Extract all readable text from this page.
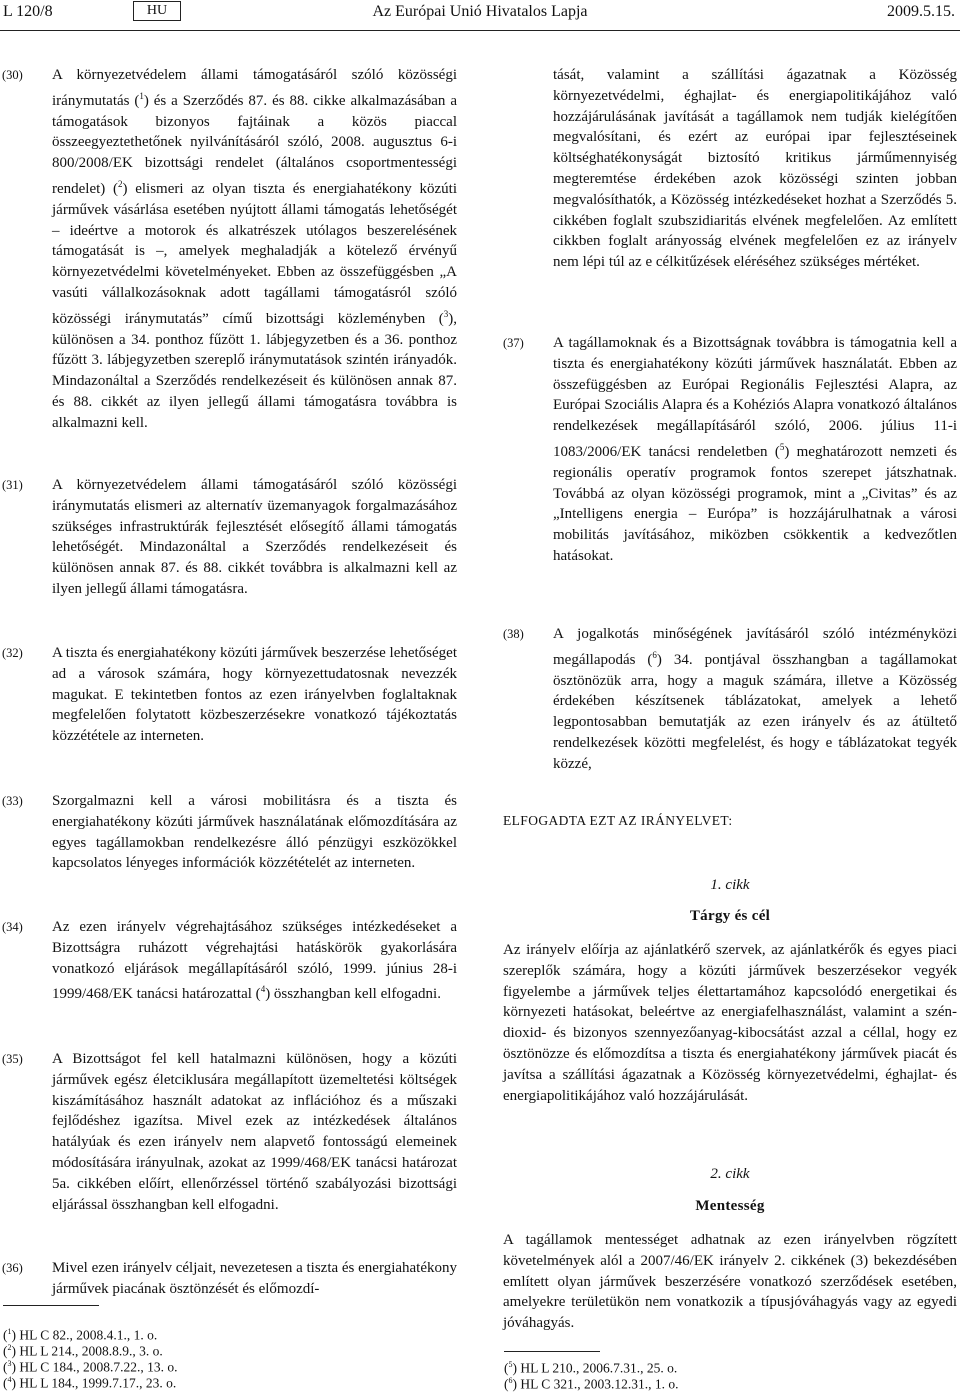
L 120/8	HU	Az Európai Unió Hivatalos Lapja	2009.5.15.
(30)	A környezetvédelem állami támogatásáról szóló közösségi iránymutatás ($^1$) és a Szerződés 87. és 88. cikke alkalmazásában a támogatások bizonyos fajtáinak a közös piaccal összeegyeztethetőnek nyilvánításáról szóló, 2008. augusztus 6-i 800/2008/EK bizottsági rendelet (általános csoportmentességi rendelet) ($^2$) elismeri az olyan tiszta és energiahatékony közúti járművek vásárlása esetében nyújtott állami támogatás lehetőségét – ideértve a motorok és alkatrészek utólagos beszerelésének támogatását is –, amelyek meghaladják a kötelező érvényű környezetvédelmi követelményeket. Ebben az összefüggésben „A vasúti vállalkozásoknak adott tagállami támogatásról szóló közösségi iránymutatás” című bizottsági közleményben ($^3$), különösen a 34. ponthoz fűzött 1. lábjegyzetben és a 36. ponthoz fűzött 3. lábjegyzetben szereplő iránymutatások szintén irányadók. Mindazonáltal a Szerződés rendelkezéseit és különösen annak 87. és 88. cikkét az ilyen jellegű állami támogatásra továbbra is alkalmazni kell.
(31)	A környezetvédelem állami támogatásáról szóló közösségi iránymutatás elismeri az alternatív üzemanyagok forgalmazásához szükséges infrastruktúrák fejlesztését elősegítő állami támogatás lehetőségét. Mindazonáltal a Szerződés rendelkezéseit és különösen annak 87. és 88. cikkét továbbra is alkalmazni kell az ilyen jellegű állami támogatásra.
(32)	A tiszta és energiahatékony közúti járművek beszerzése lehetőséget ad a városok számára, hogy környezettudatosnak nevezzék magukat. E tekintetben fontos az ezen irányelvben foglaltaknak megfelelően folytatott közbeszerzésekre vonatkozó tájékoztatás közzététele az interneten.
(33)	Szorgalmazni kell a városi mobilitásra és a tiszta és energiahatékony közúti járművek használatának előmozdítására az egyes tagállamokban rendelkezésre álló pénzügyi eszközökkel kapcsolatos lényeges információk közzétételét az interneten.
(34)	Az ezen irányelv végrehajtásához szükséges intézkedéseket a Bizottságra ruházott végrehajtási hatáskörök gyakorlására vonatkozó eljárások megállapításáról szóló, 1999. június 28-i 1999/468/EK tanácsi határozattal ($^4$) összhangban kell elfogadni.
(35)	A Bizottságot fel kell hatalmazni különösen, hogy a közúti járművek egész életciklusára megállapított üzemeltetési költségek kiszámításához használt adatokat az inflációhoz és a műszaki fejlődéshez igazítsa. Mivel ezek az intézkedések általános hatályúak és ezen irányelv nem alapvető fontosságú elemeinek módosítására irányulnak, azokat az 1999/468/EK tanácsi határozat 5a. cikkében előírt, ellenőrzéssel történő szabályozási bizottsági eljárással összhangban kell elfogadni.
(36)	Mivel ezen irányelv céljait, nevezetesen a tiszta és energiahatékony járművek piacának ösztönzését és előmozdí-
($^1$) HL C 82., 2008.4.1., 1. o.
($^2$) HL L 214., 2008.8.9., 3. o.
($^3$) HL C 184., 2008.7.22., 13. o.
($^4$) HL L 184., 1999.7.17., 23. o.
tását, valamint a szállítási ágazatnak a Közösség környezetvédelmi, éghajlat- és energiapolitikájához való hozzájárulásának javítását a tagállamok nem tudják kielégítően megvalósítani, és ezért az európai ipar fejlesztéseinek költséghatékonyságát biztosító kritikus járműmennyiség megteremtése érdekében azok közösségi szinten jobban megvalósíthatók, a Közösség intézkedéseket hozhat a Szerződés 5. cikkében foglalt szubszidiaritás elvének megfelelően. Az említett cikkben foglalt arányosság elvének megfelelően ez az irányelv nem lépi túl az e célkitűzések eléréséhez szükséges mértéket.
(37)	A tagállamoknak és a Bizottságnak továbbra is támogatnia kell a tiszta és energiahatékony közúti járművek használatát. Ebben az összefüggésben az Európai Regionális Fejlesztési Alapra, az Európai Szociális Alapra és a Kohéziós Alapra vonatkozó általános rendelkezések megállapításáról szóló, 2006. július 11-i 1083/2006/EK tanácsi rendeletben ($^5$) meghatározott nemzeti és regionális operatív programok fontos szerepet játszhatnak. Továbbá az olyan közösségi programok, mint a „Civitas” és az „Intelligens energia – Európa” is hozzájárulhatnak a városi mobilitás javításához, miközben csökkentik a kedvezőtlen hatásokat.
(38)	A jogalkotás minőségének javításáról szóló intézményközi megállapodás ($^6$) 34. pontjával összhangban a tagállamokat ösztönözük arra, hogy a maguk számára, illetve a Közösség érdekében készítsenek táblázatokat, amelyek a lehető legpontosabban bemutatják az ezen irányelv és az átültető rendelkezések közötti megfelelést, és hogy e táblázatokat tegyék közzé,
ELFOGADTA EZT AZ IRÁNYELVET:
1. cikk
Tárgy és cél
Az irányelv előírja az ajánlatkérő szervek, az ajánlatkérők és egyes piaci szereplők számára, hogy a közúti járművek beszerzésekor vegyék figyelembe a járművek teljes élettartamához kapcsolódó energetikai és környezeti hatásokat, beleértve az energiafelhasználást, valamint a szén-dioxid- és bizonyos szennyezőanyag-kibocsátást azzal a céllal, hogy ez ösztönözze és előmozdítsa a tiszta és energiahatékony járművek piacát és javítsa a szállítási ágazatnak a Közösség környezetvédelmi, éghajlat- és energiapolitikájához való hozzájárulását.
2. cikk
Mentesség
A tagállamok mentességet adhatnak az ezen irányelvben rögzített követelmények alól a 2007/46/EK irányelv 2. cikkének (3) bekezdésében említett olyan járművek beszerzésére vonatkozó szerződések esetében, amelyekre területükön nem vonatkozik a típusjóváhagyás vagy az egyedi jóváhagyás.
($^5$) HL L 210., 2006.7.31., 25. o.
($^6$) HL C 321., 2003.12.31., 1. o.
